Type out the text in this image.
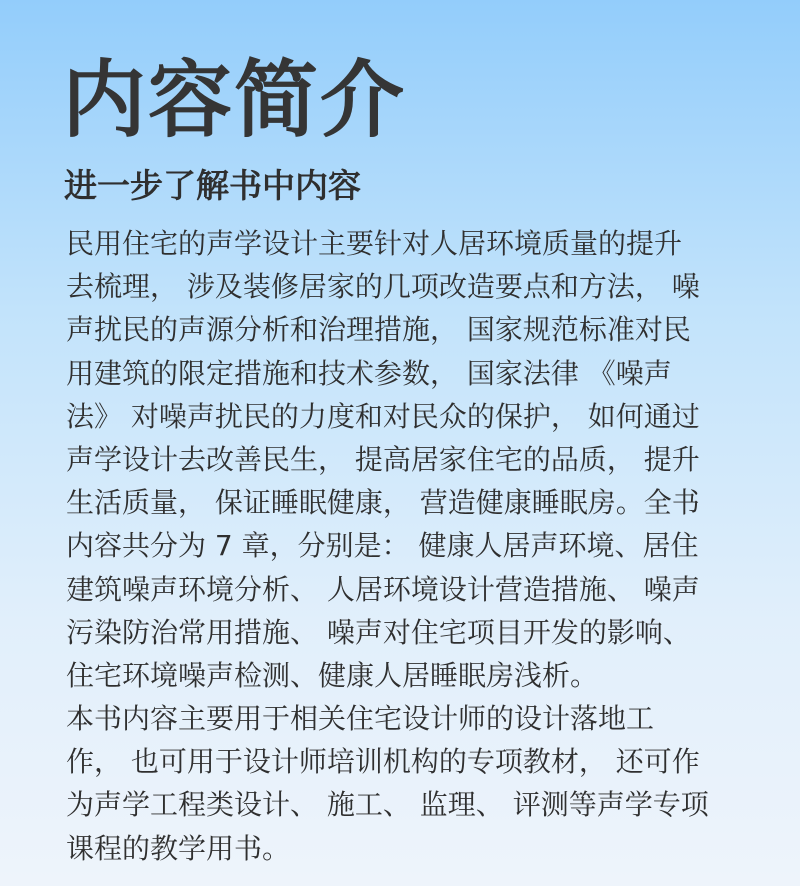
内容简介
进一步了解书中内容
民用住宅的声学设计主要针对人居环境质量的提升
去梳理， 涉及装修居家的几项改造要点和方法， 噪
声扰民的声源分析和治理措施， 国家规范标准对民
用建筑的限定措施和技术参数， 国家法律 《噪声
法》 对噪声扰民的力度和对民众的保护， 如何通过
声学设计去改善民生， 提高居家住宅的品质， 提升
生活质量， 保证睡眠健康， 营造健康睡眠房。全书
内容共分为 7 章，分别是： 健康人居声环境、居住
建筑噪声环境分析、 人居环境设计营造措施、 噪声
污染防治常用措施、 噪声对住宅项目开发的影响、
住宅环境噪声检测、健康人居睡眠房浅析。
本书内容主要用于相关住宅设计师的设计落地工
作， 也可用于设计师培训机构的专项教材， 还可作
为声学工程类设计、 施工、 监理、 评测等声学专项
课程的教学用书。
